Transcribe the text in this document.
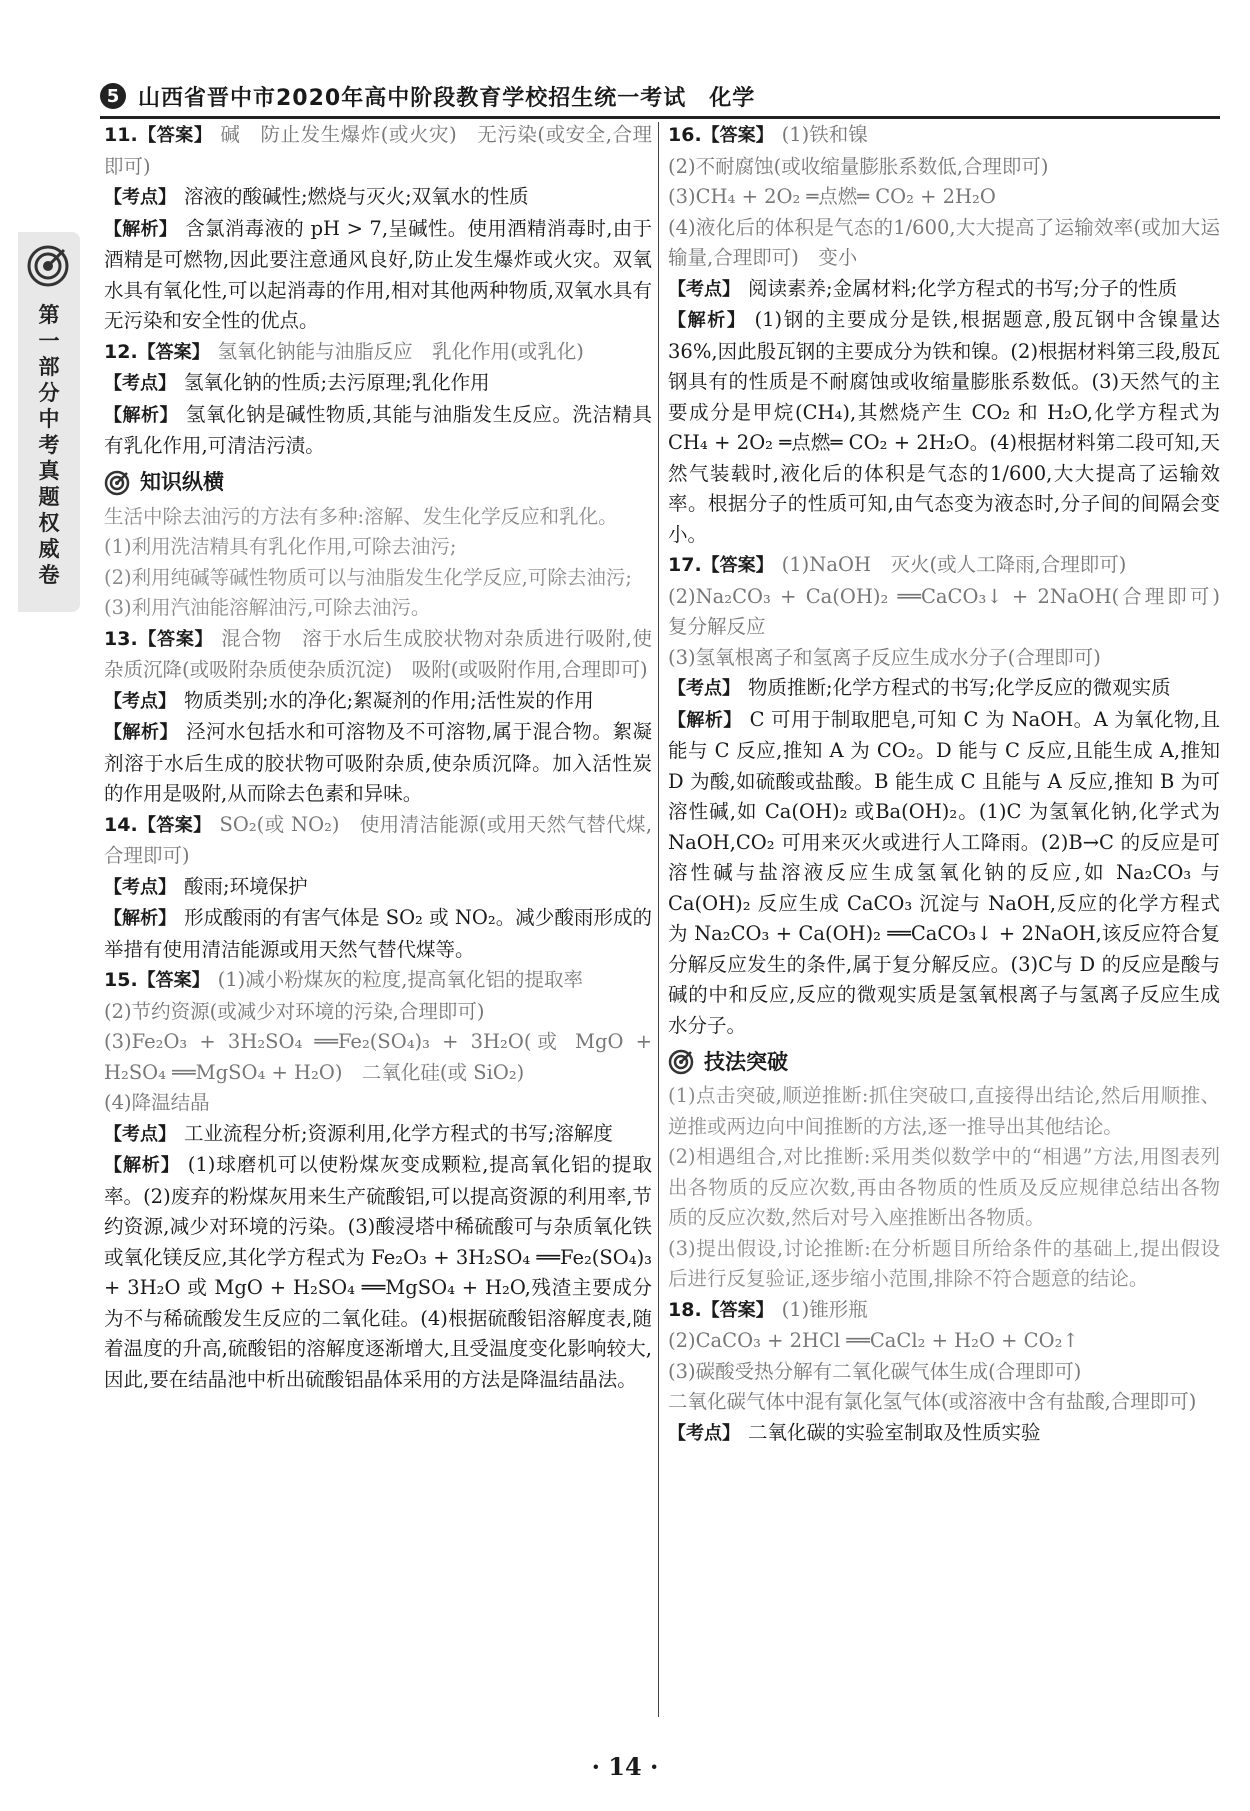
5 山西省晋中市2020年高中阶段教育学校招生统一考试　化学
第一部分 中考真题 权威卷

11.【答案】 碱　防止发生爆炸(或火灾)　无污染(或安全,合理即可)

【考点】 溶液的酸碱性;燃烧与灭火;双氧水的性质

【解析】 含氯消毒液的 pH > 7,呈碱性。使用酒精消毒时,由于酒精是可燃物,因此要注意通风良好,防止发生爆炸或火灾。双氧水具有氧化性,可以起消毒的作用,相对其他两种物质,双氧水具有无污染和安全性的优点。

12.【答案】 氢氧化钠能与油脂反应　乳化作用(或乳化)

【考点】 氢氧化钠的性质;去污原理;乳化作用

【解析】 氢氧化钠是碱性物质,其能与油脂发生反应。洗洁精具有乳化作用,可清洁污渍。

知识纵横

生活中除去油污的方法有多种:溶解、发生化学反应和乳化。

(1)利用洗洁精具有乳化作用,可除去油污;

(2)利用纯碱等碱性物质可以与油脂发生化学反应,可除去油污;

(3)利用汽油能溶解油污,可除去油污。

13.【答案】 混合物　溶于水后生成胶状物对杂质进行吸附,使杂质沉降(或吸附杂质使杂质沉淀)　吸附(或吸附作用,合理即可)

【考点】 物质类别;水的净化;絮凝剂的作用;活性炭的作用

【解析】 泾河水包括水和可溶物及不可溶物,属于混合物。絮凝剂溶于水后生成的胶状物可吸附杂质,使杂质沉降。加入活性炭的作用是吸附,从而除去色素和异味。

14.【答案】 SO₂(或 NO₂)　使用清洁能源(或用天然气替代煤,合理即可)

【考点】 酸雨;环境保护

【解析】 形成酸雨的有害气体是 SO₂ 或 NO₂。减少酸雨形成的举措有使用清洁能源或用天然气替代煤等。

15.【答案】 (1)减小粉煤灰的粒度,提高氧化铝的提取率

(2)节约资源(或减少对环境的污染,合理即可)

(3)Fe₂O₃ + 3H₂SO₄ ══Fe₂(SO₄)₃ + 3H₂O(或 MgO + H₂SO₄ ══MgSO₄ + H₂O)　二氧化硅(或 SiO₂)

(4)降温结晶

【考点】 工业流程分析;资源利用,化学方程式的书写;溶解度

【解析】 (1)球磨机可以使粉煤灰变成颗粒,提高氧化铝的提取率。(2)废弃的粉煤灰用来生产硫酸铝,可以提高资源的利用率,节约资源,减少对环境的污染。(3)酸浸塔中稀硫酸可与杂质氧化铁或氧化镁反应,其化学方程式为 Fe₂O₃ + 3H₂SO₄ ══Fe₂(SO₄)₃ + 3H₂O 或 MgO + H₂SO₄ ══MgSO₄ + H₂O,残渣主要成分为不与稀硫酸发生反应的二氧化硅。(4)根据硫酸铝溶解度表,随着温度的升高,硫酸铝的溶解度逐渐增大,且受温度变化影响较大,因此,要在结晶池中析出硫酸铝晶体采用的方法是降温结晶法。

16.【答案】 (1)铁和镍

(2)不耐腐蚀(或收缩量膨胀系数低,合理即可)

(3)CH₄ + 2O₂ ═点燃═ CO₂ + 2H₂O

(4)液化后的体积是气态的1/600,大大提高了运输效率(或加大运输量,合理即可)　变小

【考点】 阅读素养;金属材料;化学方程式的书写;分子的性质

【解析】 (1)钢的主要成分是铁,根据题意,殷瓦钢中含镍量达 36%,因此殷瓦钢的主要成分为铁和镍。(2)根据材料第三段,殷瓦钢具有的性质是不耐腐蚀或收缩量膨胀系数低。(3)天然气的主要成分是甲烷(CH₄),其燃烧产生 CO₂ 和 H₂O,化学方程式为 CH₄ + 2O₂ ═点燃═ CO₂ + 2H₂O。(4)根据材料第二段可知,天然气装载时,液化后的体积是气态的1/600,大大提高了运输效率。根据分子的性质可知,由气态变为液态时,分子间的间隔会变小。

17.【答案】 (1)NaOH　灭火(或人工降雨,合理即可)

(2)Na₂CO₃ + Ca(OH)₂ ══CaCO₃↓ + 2NaOH(合理即可)　复分解反应

(3)氢氧根离子和氢离子反应生成水分子(合理即可)

【考点】 物质推断;化学方程式的书写;化学反应的微观实质

【解析】 C 可用于制取肥皂,可知 C 为 NaOH。A 为氧化物,且能与 C 反应,推知 A 为 CO₂。D 能与 C 反应,且能生成 A,推知 D 为酸,如硫酸或盐酸。B 能生成 C 且能与 A 反应,推知 B 为可溶性碱,如 Ca(OH)₂ 或Ba(OH)₂。(1)C 为氢氧化钠,化学式为 NaOH,CO₂ 可用来灭火或进行人工降雨。(2)B→C 的反应是可溶性碱与盐溶液反应生成氢氧化钠的反应,如 Na₂CO₃ 与 Ca(OH)₂ 反应生成 CaCO₃ 沉淀与 NaOH,反应的化学方程式为 Na₂CO₃ + Ca(OH)₂ ══CaCO₃↓ + 2NaOH,该反应符合复分解反应发生的条件,属于复分解反应。(3)C与 D 的反应是酸与碱的中和反应,反应的微观实质是氢氧根离子与氢离子反应生成水分子。

技法突破

(1)点击突破,顺逆推断:抓住突破口,直接得出结论,然后用顺推、逆推或两边向中间推断的方法,逐一推导出其他结论。

(2)相遇组合,对比推断:采用类似数学中的“相遇”方法,用图表列出各物质的反应次数,再由各物质的性质及反应规律总结出各物质的反应次数,然后对号入座推断出各物质。

(3)提出假设,讨论推断:在分析题目所给条件的基础上,提出假设后进行反复验证,逐步缩小范围,排除不符合题意的结论。

18.【答案】 (1)锥形瓶

(2)CaCO₃ + 2HCl ══CaCl₂ + H₂O + CO₂↑

(3)碳酸受热分解有二氧化碳气体生成(合理即可)

二氧化碳气体中混有氯化氢气体(或溶液中含有盐酸,合理即可)

【考点】 二氧化碳的实验室制取及性质实验

· 14 ·
